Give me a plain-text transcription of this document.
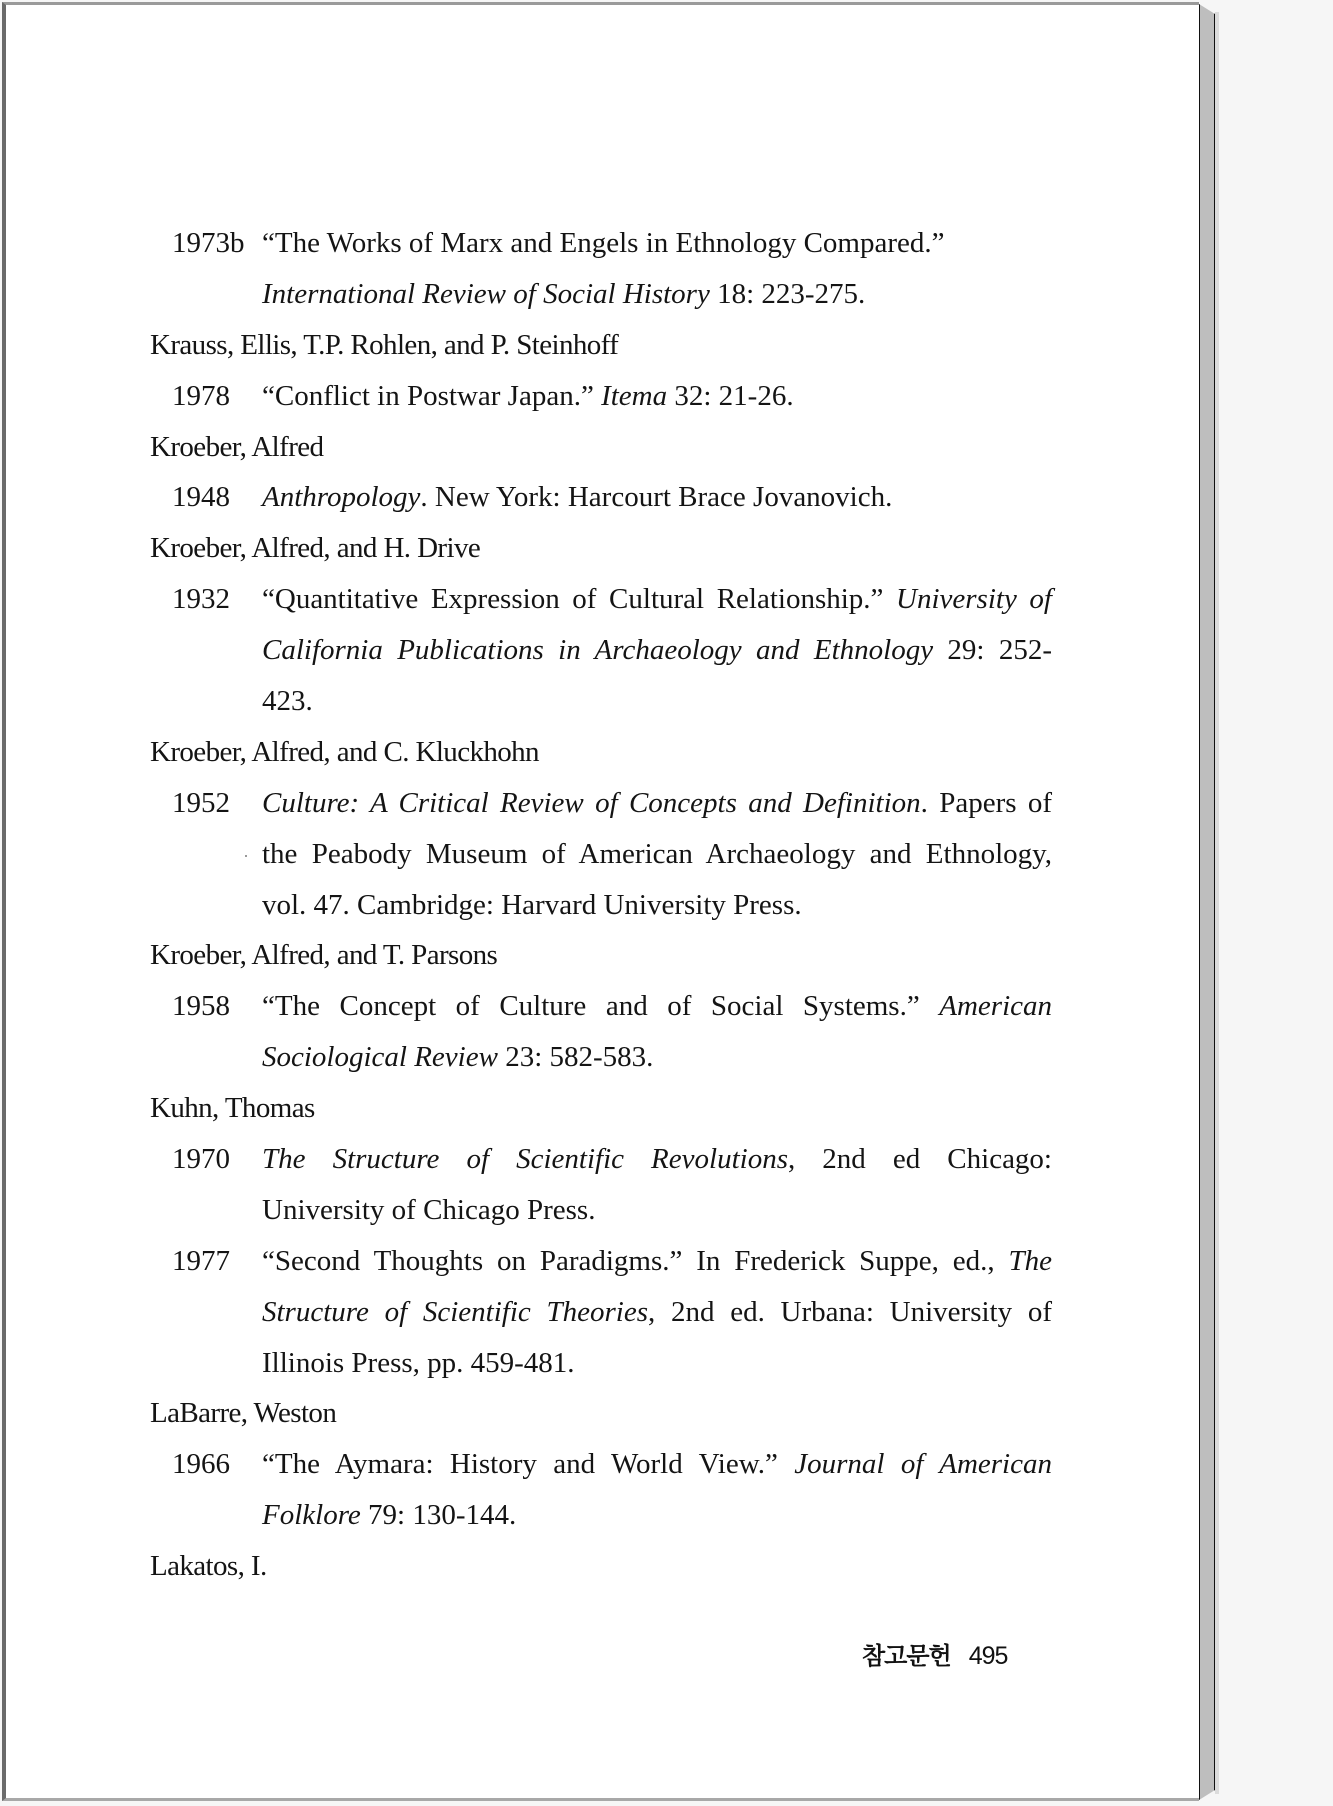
1973b “The Works of Marx and Engels in Ethnology Compared.”
International Review of Social History 18: 223-275.
Krauss, Ellis, T.P. Rohlen, and P. Steinhoff
1978 “Conflict in Postwar Japan.” Itema 32: 21-26.
Kroeber, Alfred
1948 Anthropology. New York: Harcourt Brace Jovanovich.
Kroeber, Alfred, and H. Drive
1932 “Quantitative Expression of Cultural Relationship.” University of
California Publications in Archaeology and Ethnology 29: 252-
423.
Kroeber, Alfred, and C. Kluckhohn
1952 Culture: A Critical Review of Concepts and Definition. Papers of
the Peabody Museum of American Archaeology and Ethnology,
vol. 47. Cambridge: Harvard University Press.
Kroeber, Alfred, and T. Parsons
1958 “The Concept of Culture and of Social Systems.” American
Sociological Review 23: 582-583.
Kuhn, Thomas
1970 The Structure of Scientific Revolutions, 2nd ed Chicago:
University of Chicago Press.
1977 “Second Thoughts on Paradigms.” In Frederick Suppe, ed., The
Structure of Scientific Theories, 2nd ed. Urbana: University of
Illinois Press, pp. 459-481.
LaBarre, Weston
1966 “The Aymara: History and World View.” Journal of American
Folklore 79: 130-144.
Lakatos, I.
참고문헌 495
